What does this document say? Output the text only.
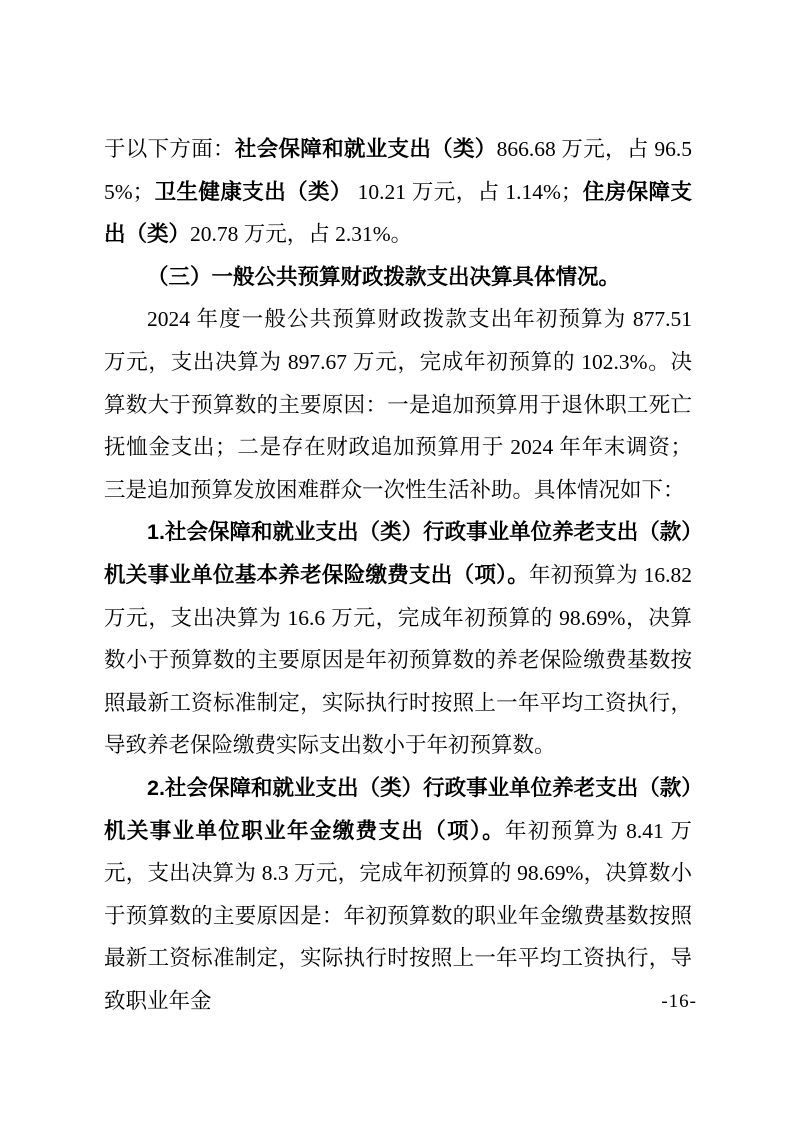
于以下方面：社会保障和就业支出（类）866.68 万元，占 96.55%；卫生健康支出（类） 10.21 万元，占 1.14%；住房保障支出（类）20.78 万元，占 2.31%。

（三）一般公共预算财政拨款支出决算具体情况。

2024 年度一般公共预算财政拨款支出年初预算为 877.51 万元，支出决算为 897.67 万元，完成年初预算的 102.3%。决算数大于预算数的主要原因：一是追加预算用于退休职工死亡抚恤金支出；二是存在财政追加预算用于 2024 年年末调资；三是追加预算发放困难群众一次性生活补助。具体情况如下：

1.社会保障和就业支出（类）行政事业单位养老支出（款）机关事业单位基本养老保险缴费支出（项）。年初预算为 16.82 万元，支出决算为 16.6 万元，完成年初预算的 98.69%，决算数小于预算数的主要原因是年初预算数的养老保险缴费基数按照最新工资标准制定，实际执行时按照上一年平均工资执行，导致养老保险缴费实际支出数小于年初预算数。

2.社会保障和就业支出（类）行政事业单位养老支出（款）机关事业单位职业年金缴费支出（项）。年初预算为 8.41 万元，支出决算为 8.3 万元，完成年初预算的 98.69%，决算数小于预算数的主要原因是：年初预算数的职业年金缴费基数按照最新工资标准制定，实际执行时按照上一年平均工资执行，导致职业年金	-16-
